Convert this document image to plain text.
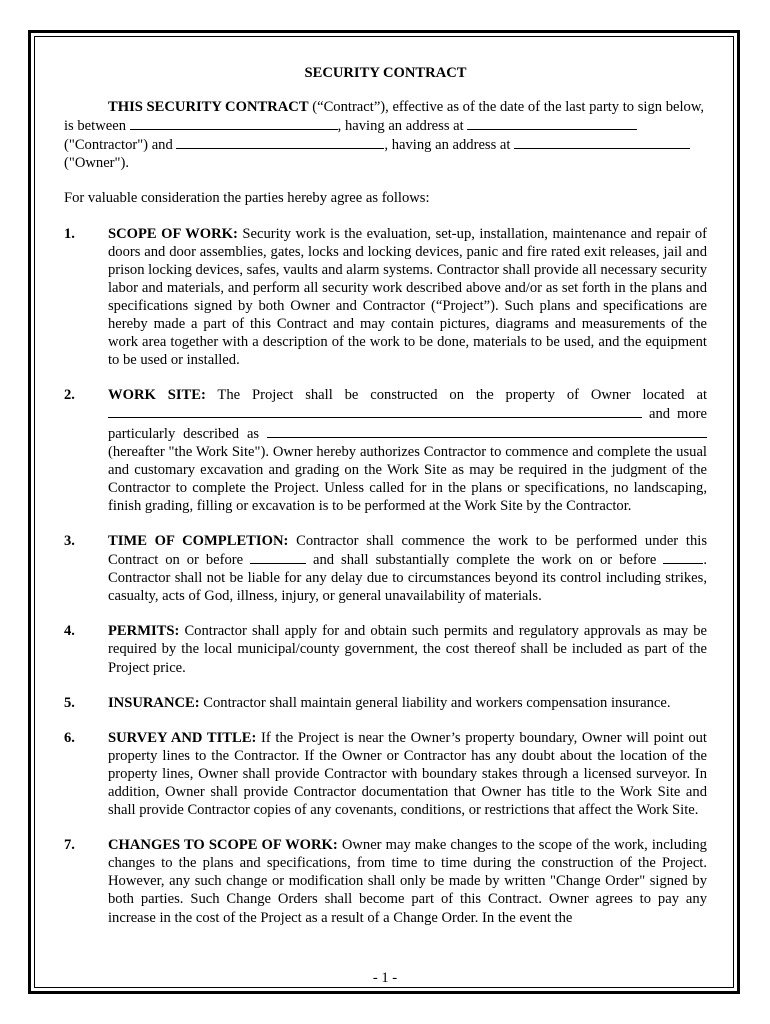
SECURITY CONTRACT

THIS SECURITY CONTRACT (“Contract”), effective as of the date of the last party to sign below, is between	, having an address at  ("Contractor") and	, having an address at  ("Owner").

For valuable consideration the parties hereby agree as follows:

1. SCOPE OF WORK: Security work is the evaluation, set-up, installation, maintenance and repair of doors and door assemblies, gates, locks and locking devices, panic and fire rated exit releases, jail and prison locking devices, safes, vaults and alarm systems. Contractor shall provide all necessary security labor and materials, and perform all security work described above and/or as set forth in the plans and specifications signed by both Owner and Contractor (“Project”). Such plans and specifications are hereby made a part of this Contract and may contain pictures, diagrams and measurements of the work area together with a description of the work to be done, materials to be used, and the equipment to be used or installed.
2. WORK SITE: The Project shall be constructed on the property of Owner located at  and more particularly described as  (hereafter "the Work Site"). Owner hereby authorizes Contractor to commence and complete the usual and customary excavation and grading on the Work Site as may be required in the judgment of the Contractor to complete the Project. Unless called for in the plans or specifications, no landscaping, finish grading, filling or excavation is to be performed at the Work Site by the Contractor.
3. TIME OF COMPLETION: Contractor shall commence the work to be performed under this Contract on or before	and shall substantially complete the work on or before	. Contractor shall not be liable for any delay due to circumstances beyond its control including strikes, casualty, acts of God, illness, injury, or general unavailability of materials.
4. PERMITS: Contractor shall apply for and obtain such permits and regulatory approvals as may be required by the local municipal/county government, the cost thereof shall be included as part of the Project price.
5. INSURANCE: Contractor shall maintain general liability and workers compensation insurance.
6. SURVEY AND TITLE: If the Project is near the Owner’s property boundary, Owner will point out property lines to the Contractor. If the Owner or Contractor has any doubt about the location of the property lines, Owner shall provide Contractor with boundary stakes through a licensed surveyor. In addition, Owner shall provide Contractor documentation that Owner has title to the Work Site and shall provide Contractor copies of any covenants, conditions, or restrictions that affect the Work Site.
7. CHANGES TO SCOPE OF WORK: Owner may make changes to the scope of the work, including changes to the plans and specifications, from time to time during the construction of the Project. However, any such change or modification shall only be made by written "Change Order" signed by both parties. Such Change Orders shall become part of this Contract. Owner agrees to pay any increase in the cost of the Project as a result of a Change Order. In the event the
- 1 -
